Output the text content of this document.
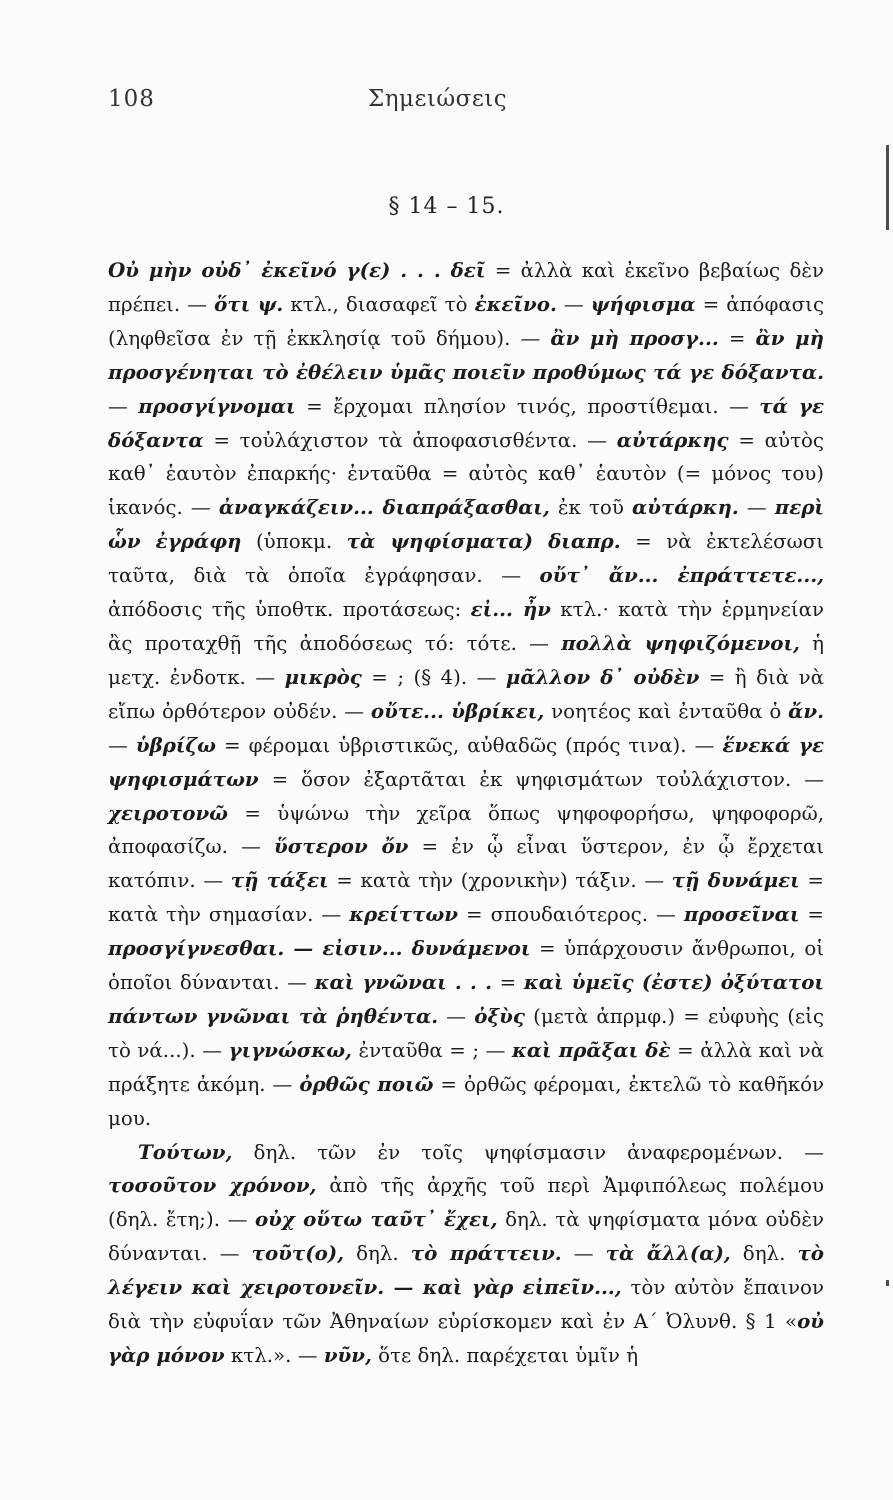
108	Σημειώσεις
§ 14 – 15.

Οὐ μὴν οὐδ᾽ ἐκεῖνό γ(ε) . . . δεῖ = ἀλλὰ καὶ ἐκεῖνο βεβαίως δὲν πρέπει. — ὅτι ψ. κτλ., διασαφεῖ τὸ ἐκεῖνο. — ψήφισμα = ἀπόφασις (ληφθεῖσα ἐν τῇ ἐκκλησίᾳ τοῦ δήμου). — ἂν μὴ προσγ... = ἂν μὴ προσγένηται τὸ ἐθέλειν ὑμᾶς ποιεῖν προθύμως τά γε δόξαντα. — προσγίγνομαι = ἔρχομαι πλησίον τινός, προστίθεμαι. — τά γε δόξαντα = τοὐλάχιστον τὰ ἀποφασισθέντα. — αὐτάρκης = αὐτὸς καθ᾽ ἑαυτὸν ἐπαρκής· ἐνταῦθα = αὐτὸς καθ᾽ ἑαυτὸν (= μόνος του) ἱκανός. — ἀναγκάζειν... διαπράξασθαι, ἐκ τοῦ αὐτάρκη. — περὶ ὧν ἐγράφη (ὑποκμ. τὰ ψηφίσματα) διαπρ. = νὰ ἐκτελέσωσι ταῦτα, διὰ τὰ ὁποῖα ἐγράφησαν. — οὔτ᾽ ἄν... ἐπράττετε..., ἀπόδοσις τῆς ὑποθτκ. προτάσεως: εἰ... ἦν κτλ.· κατὰ τὴν ἑρμηνείαν ἂς προταχθῇ τῆς ἀποδόσεως τό: τότε. — πολλὰ ψηφιζόμενοι, ἡ μετχ. ἐνδοτκ. — μικρὸς = ; (§ 4). — μᾶλλον δ᾽ οὐδὲν = ἢ διὰ νὰ εἴπω ὀρθότερον οὐδέν. — οὔτε... ὑβρίκει, νοητέος καὶ ἐνταῦθα ὁ ἄν. — ὑβρίζω = φέρομαι ὑβριστικῶς, αὐθαδῶς (πρός τινα). — ἕνεκά γε ψηφισμάτων = ὅσον ἐξαρτᾶται ἐκ ψηφισμάτων τοὐλάχιστον. — χειροτονῶ = ὑψώνω τὴν χεῖρα ὅπως ψηφοφορήσω, ψηφοφορῶ, ἀποφασίζω. — ὕστερον ὄν = ἐν ᾧ εἶναι ὕστερον, ἐν ᾧ ἔρχεται κατόπιν. — τῇ τάξει = κατὰ τὴν (χρονικὴν) τάξιν. — τῇ δυνάμει = κατὰ τὴν σημασίαν. — κρείττων = σπουδαιότερος. — προσεῖναι = προσγίγνεσθαι. — εἰσιν... δυνάμενοι = ὑπάρχουσιν ἄνθρωποι, οἱ ὁποῖοι δύνανται. — καὶ γνῶναι . . . = καὶ ὑμεῖς (ἐστε) ὀξύτατοι πάντων γνῶναι τὰ ῥηθέντα. — ὀξὺς (μετὰ ἀπρμφ.) = εὐφυὴς (εἰς τὸ νά...). — γιγνώσκω, ἐνταῦθα = ; — καὶ πρᾶξαι δὲ = ἀλλὰ καὶ νὰ πράξητε ἀκόμη. — ὀρθῶς ποιῶ = ὀρθῶς φέρομαι, ἐκτελῶ τὸ καθῆκόν μου.

Τούτων, δηλ. τῶν ἐν τοῖς ψηφίσμασιν ἀναφερομένων. — τοσοῦτον χρόνον, ἀπὸ τῆς ἀρχῆς τοῦ περὶ Ἀμφιπόλεως πολέμου (δηλ. ἔτη;). — οὐχ οὕτω ταῦτ᾽ ἔχει, δηλ. τὰ ψηφίσματα μόνα οὐδὲν δύνανται. — τοῦτ(ο), δηλ. τὸ πράττειν. — τὰ ἄλλ(α), δηλ. τὸ λέγειν καὶ χειροτονεῖν. — καὶ γὰρ εἰπεῖν..., τὸν αὐτὸν ἔπαινον διὰ τὴν εὐφυΐαν τῶν Ἀθηναίων εὑρίσκομεν καὶ ἐν Α΄ Ὀλυνθ. § 1 «οὐ γὰρ μόνον κτλ.». — νῦν, ὅτε δηλ. παρέχεται ὑμῖν ἡ
